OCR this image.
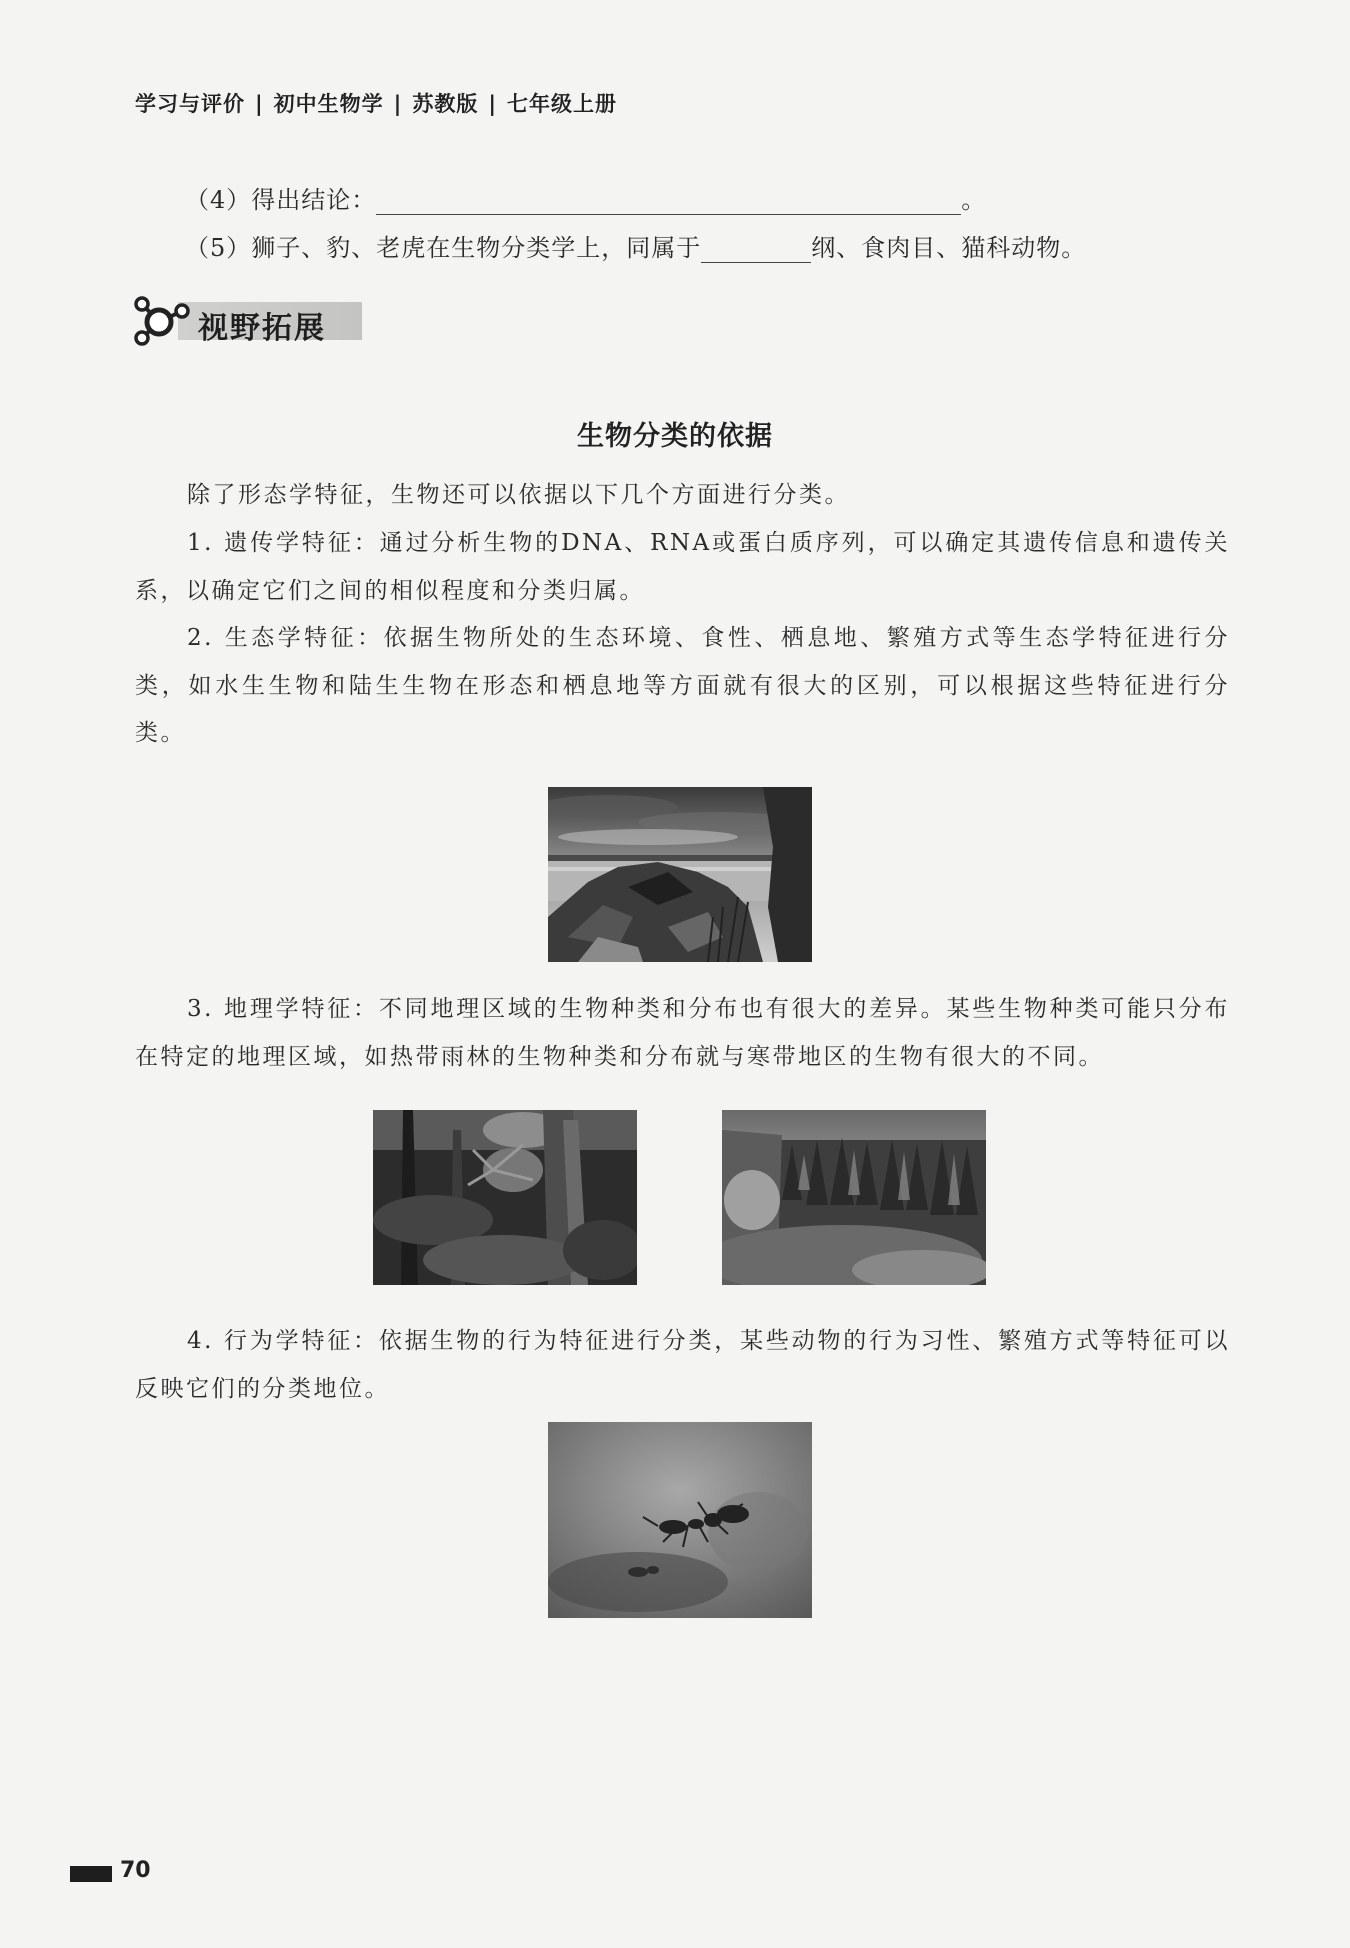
学习与评价 | 初中生物学 | 苏教版 | 七年级上册
（4）得出结论：	。
（5）狮子、豹、老虎在生物分类学上，同属于	纲、食肉目、猫科动物。
视野拓展
生物分类的依据
除了形态学特征，生物还可以依据以下几个方面进行分类。
1. 遗传学特征：通过分析生物的DNA、RNA或蛋白质序列，可以确定其遗传信息和遗传关系，以确定它们之间的相似程度和分类归属。
2. 生态学特征：依据生物所处的生态环境、食性、栖息地、繁殖方式等生态学特征进行分类，如水生生物和陆生生物在形态和栖息地等方面就有很大的区别，可以根据这些特征进行分类。
3. 地理学特征：不同地理区域的生物种类和分布也有很大的差异。某些生物种类可能只分布在特定的地理区域，如热带雨林的生物种类和分布就与寒带地区的生物有很大的不同。
4. 行为学特征：依据生物的行为特征进行分类，某些动物的行为习性、繁殖方式等特征可以反映它们的分类地位。
70
